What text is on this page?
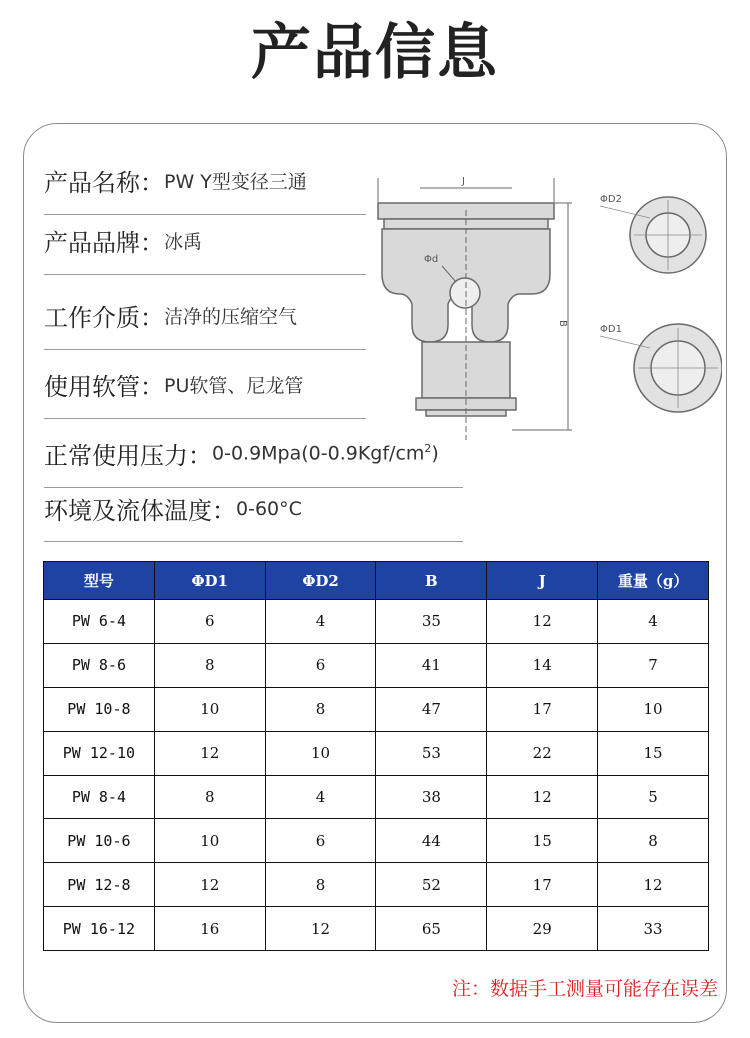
产品信息
产品名称： PW Y型变径三通
产品品牌： 冰禹
工作介质： 洁净的压缩空气
使用软管： PU软管、尼龙管
正常使用压力： $0-0.9Mpa(0-0.9Kgf/cm^2)$
环境及流体温度： 0-60°C
J
Φd
B
ΦD2
ΦD1
型号	ΦD1	ΦD2	B	J	重量（g）
PW 6-4	6	4	35	12	4
PW 8-6	8	6	41	14	7
PW 10-8	10	8	47	17	10
PW 12-10	12	10	53	22	15
PW 8-4	8	4	38	12	5
PW 10-6	10	6	44	15	8
PW 12-8	12	8	52	17	12
PW 16-12	16	12	65	29	33
注：数据手工测量可能存在误差
